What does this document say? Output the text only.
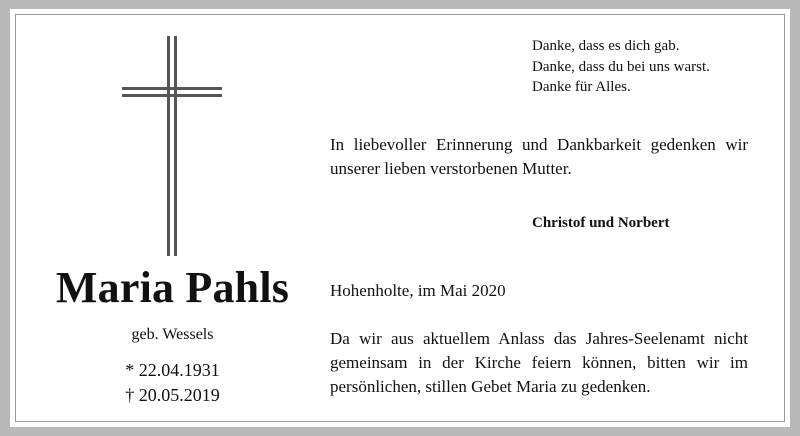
Danke, dass es dich gab.
Danke, dass du bei uns warst.
Danke für Alles.
In liebevoller Erinnerung und Dankbarkeit gedenken wir unserer lieben verstorbenen Mutter.
Christof und Norbert
Hohenholte, im Mai 2020
Da wir aus aktuellem Anlass das Jahres-Seelenamt nicht gemeinsam in der Kirche feiern können, bitten wir im persönlichen, stillen Gebet Maria zu gedenken.
Maria Pahls
geb. Wessels
* 22.04.1931
† 20.05.2019
